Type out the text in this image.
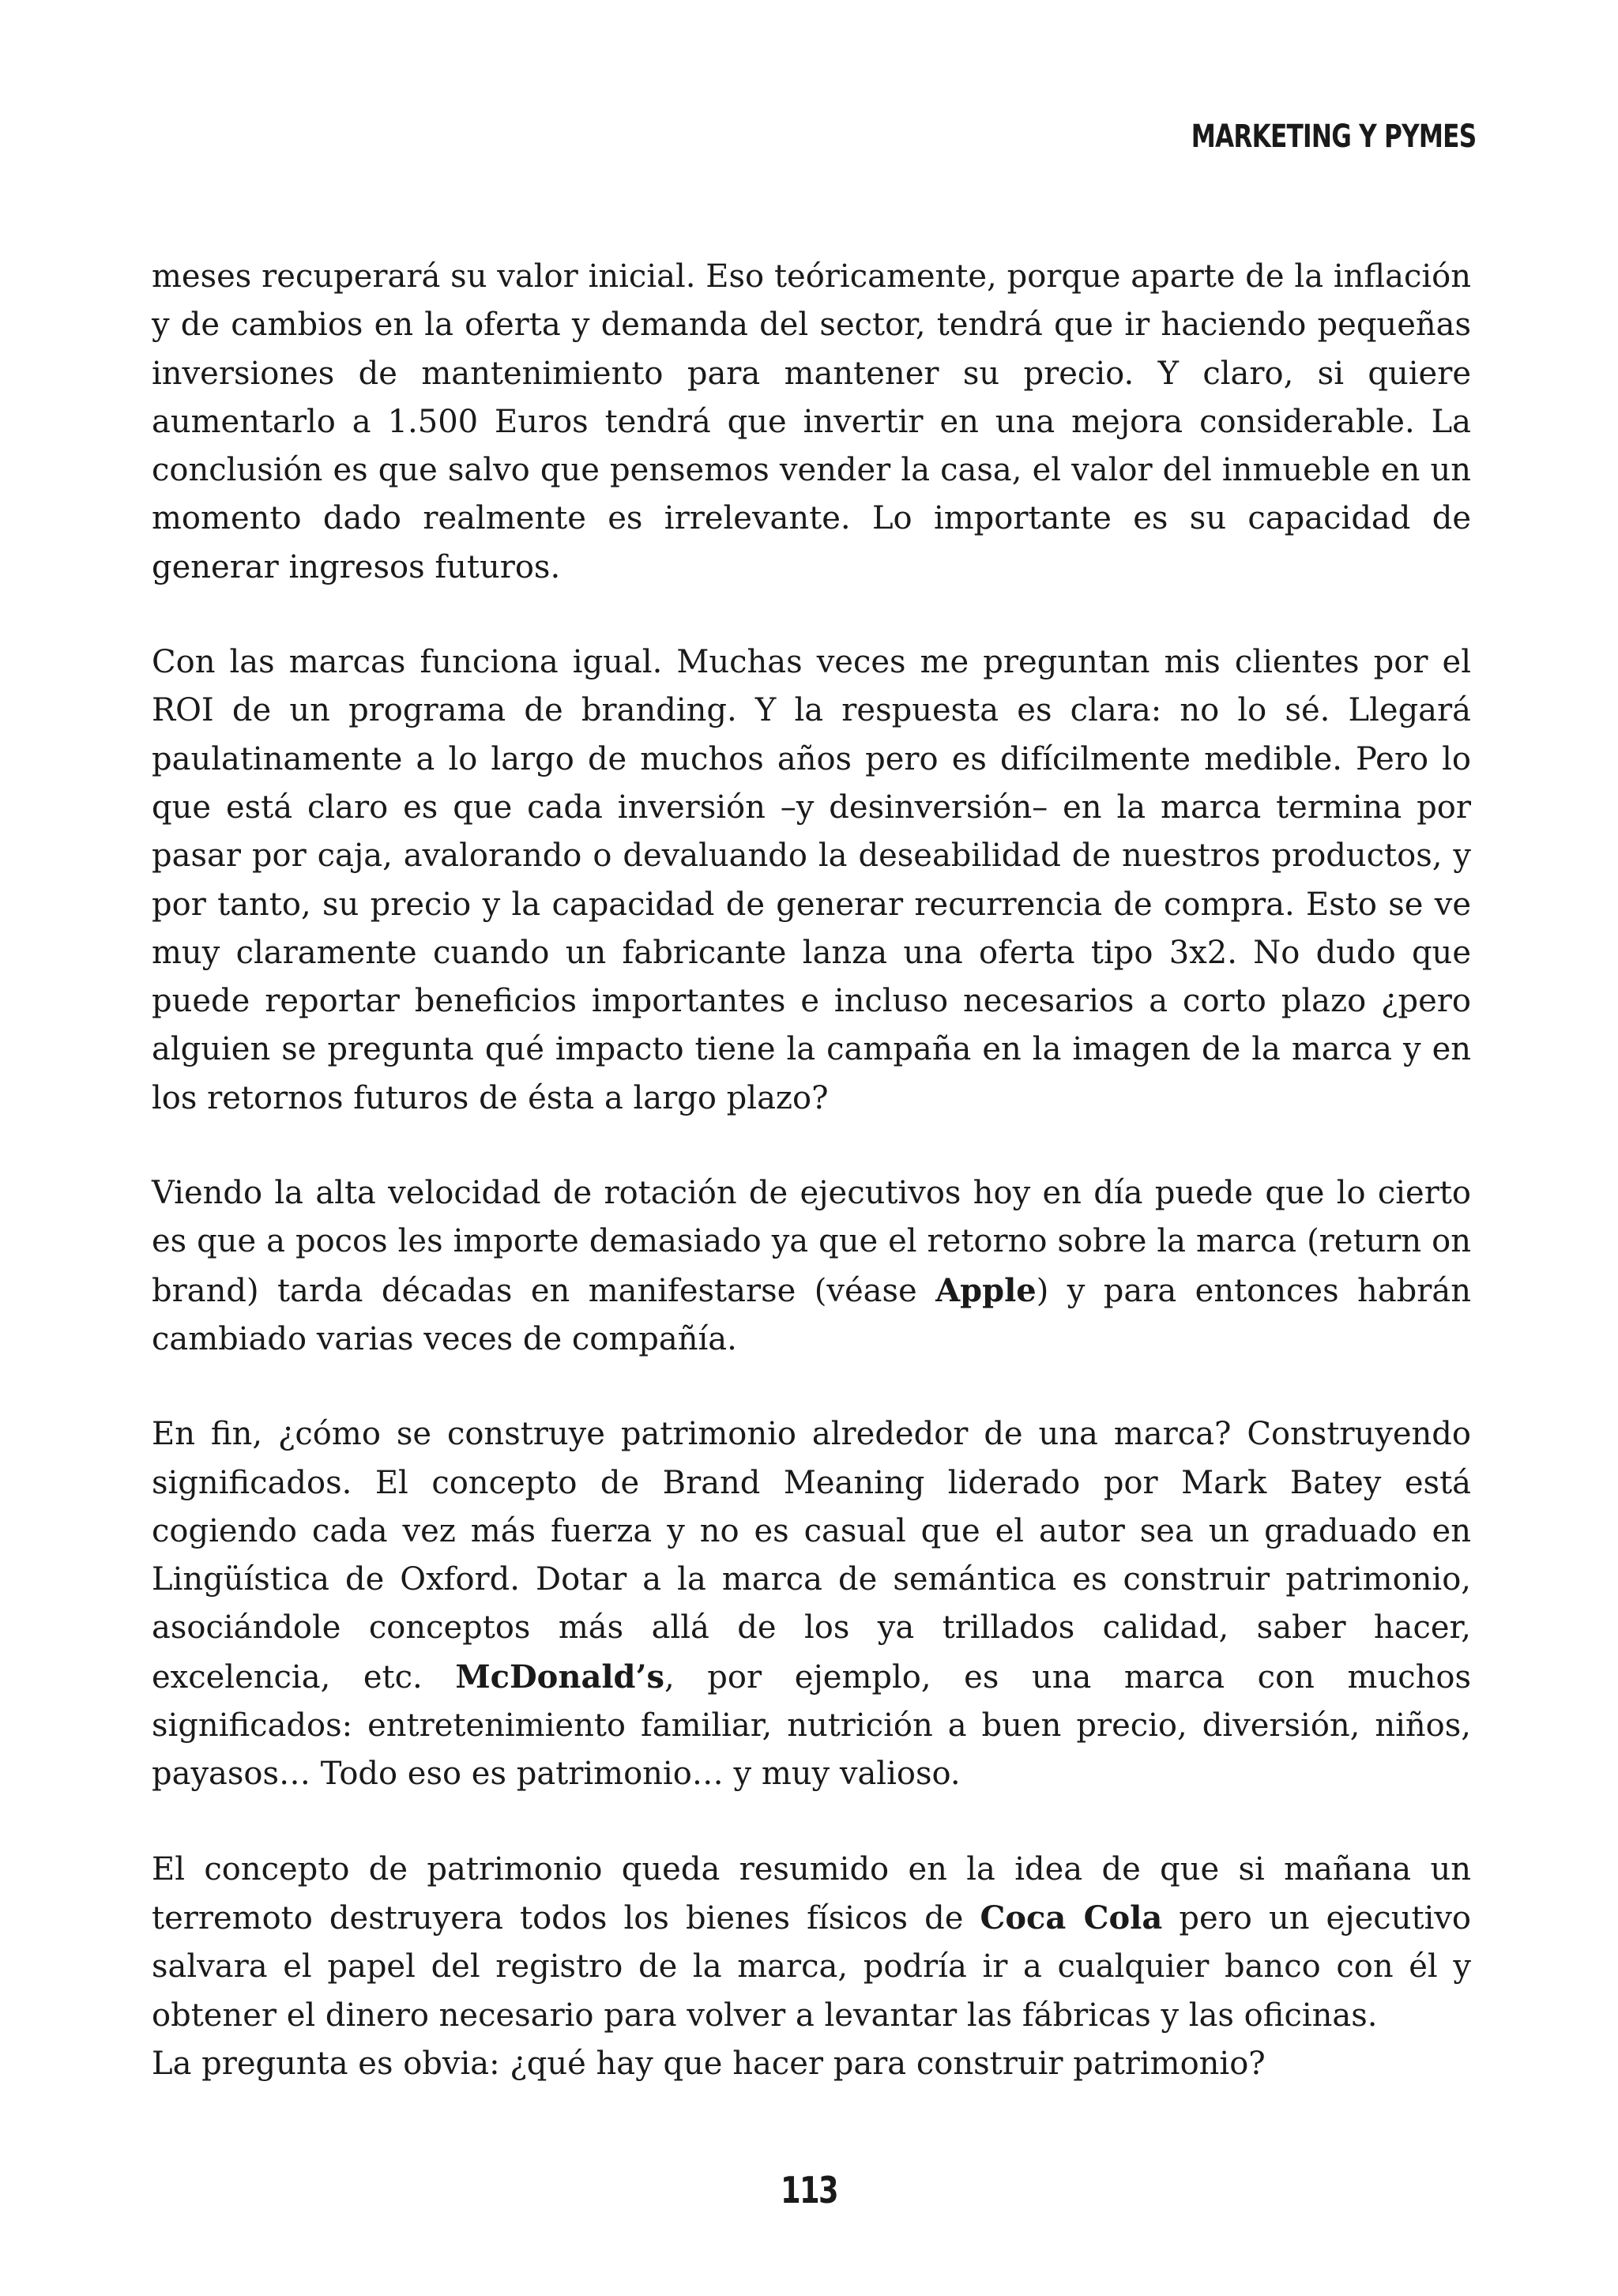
MARKETING Y PYMES

meses recuperará su valor inicial. Eso teóricamente, porque aparte de la inflación y de cambios en la oferta y demanda del sector, tendrá que ir haciendo pequeñas inversiones de mantenimiento para mantener su precio. Y claro, si quiere aumentarlo a 1.500 Euros tendrá que invertir en una mejora considerable. La conclusión es que salvo que pensemos vender la casa, el valor del inmueble en un momento dado realmente es irrelevante. Lo importante es su capacidad de generar ingresos futuros.

Con las marcas funciona igual. Muchas veces me preguntan mis clientes por el ROI de un programa de branding. Y la respuesta es clara: no lo sé. Llegará paulatinamente a lo largo de muchos años pero es difícilmente medible. Pero lo que está claro es que cada inversión –y desinversión– en la marca termina por pasar por caja, avalorando o devaluando la deseabilidad de nuestros productos, y por tanto, su precio y la capacidad de generar recurrencia de compra. Esto se ve muy claramente cuando un fabricante lanza una oferta tipo 3x2. No dudo que puede reportar beneficios importantes e incluso necesarios a corto plazo ¿pero alguien se pregunta qué impacto tiene la campaña en la imagen de la marca y en los retornos futuros de ésta a largo plazo?

Viendo la alta velocidad de rotación de ejecutivos hoy en día puede que lo cierto es que a pocos les importe demasiado ya que el retorno sobre la marca (return on brand) tarda décadas en manifestarse (véase Apple) y para entonces habrán cambiado varias veces de compañía.

En fin, ¿cómo se construye patrimonio alrededor de una marca? Construyendo significados. El concepto de Brand Meaning liderado por Mark Batey está cogiendo cada vez más fuerza y no es casual que el autor sea un graduado en Lingüística de Oxford. Dotar a la marca de semántica es construir patrimonio, asociándole conceptos más allá de los ya trillados calidad, saber hacer, excelencia, etc. McDonald’s, por ejemplo, es una marca con muchos significados: entretenimiento familiar, nutrición a buen precio, diversión, niños, payasos… Todo eso es patrimonio… y muy valioso.

El concepto de patrimonio queda resumido en la idea de que si mañana un terremoto destruyera todos los bienes físicos de Coca Cola pero un ejecutivo salvara el papel del registro de la marca, podría ir a cualquier banco con él y obtener el dinero necesario para volver a levantar las fábricas y las oficinas.

La pregunta es obvia: ¿qué hay que hacer para construir patrimonio?

113
